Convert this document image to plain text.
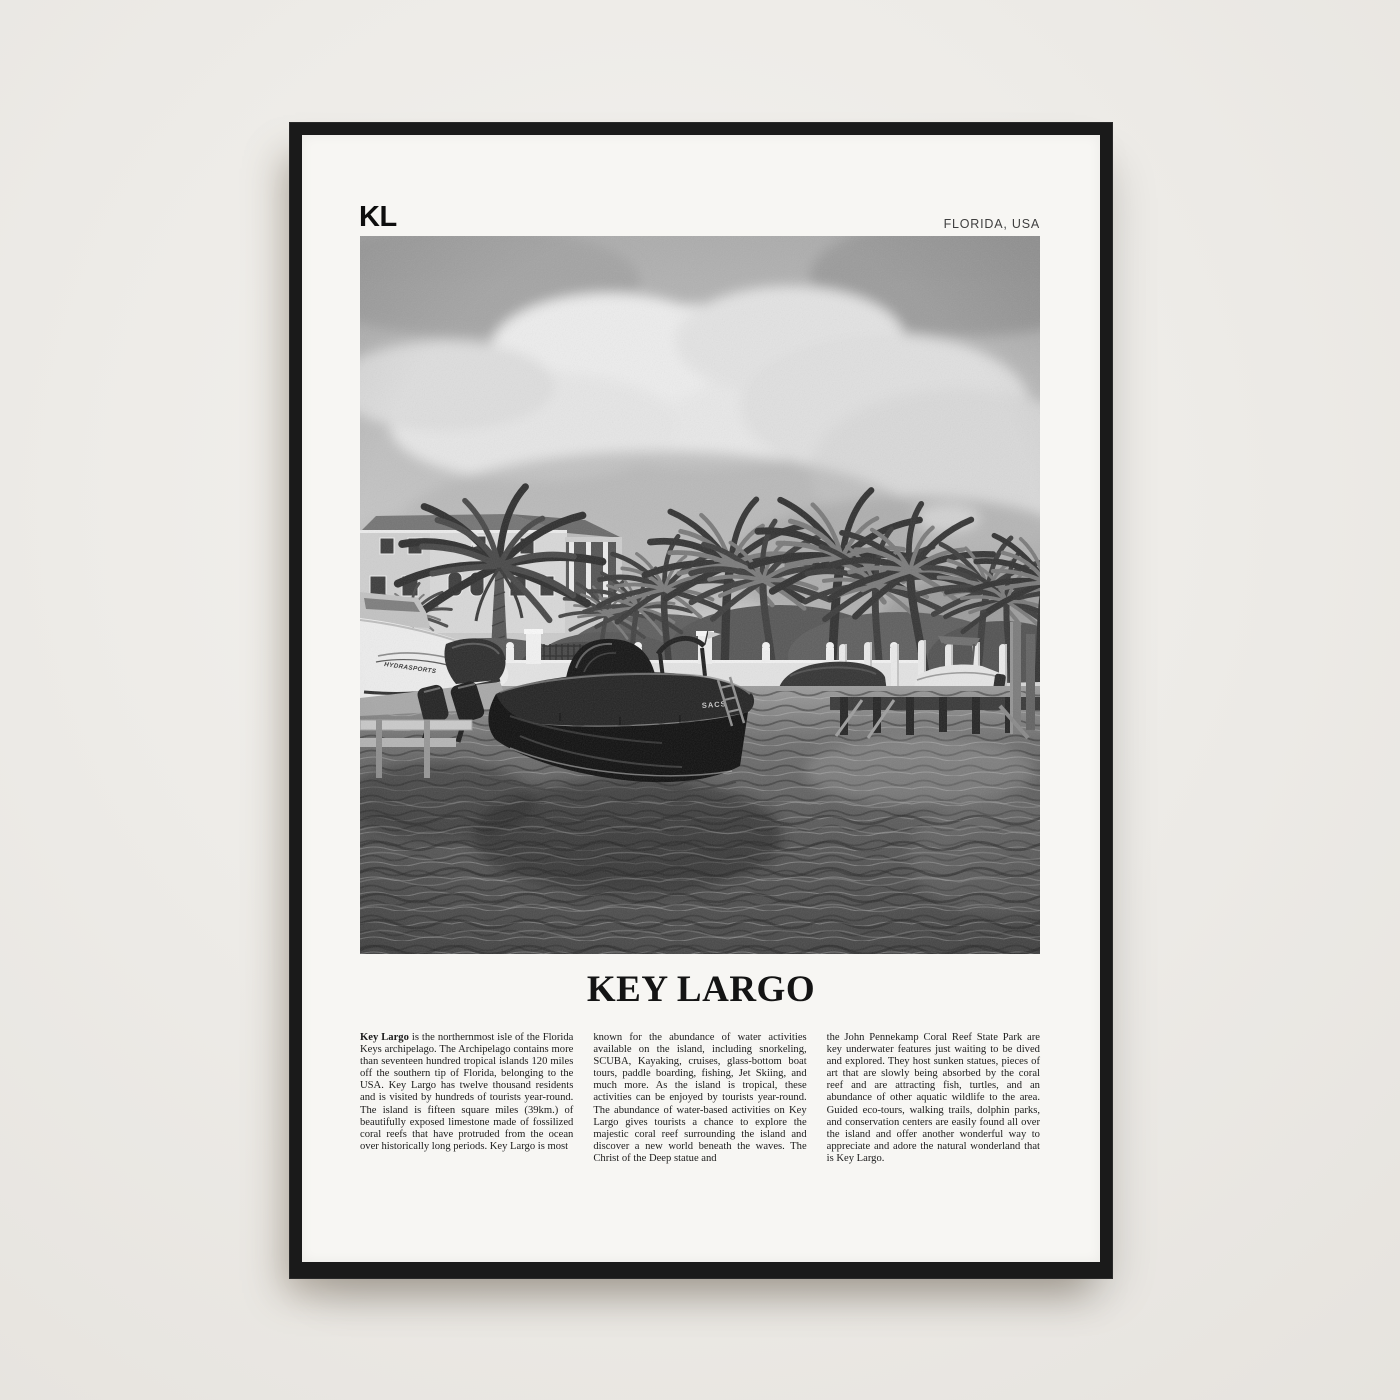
KL	FLORIDA, USA
KEY LARGO

Key Largo is the northernmost isle of the Florida Keys archipelago. The Archipelago contains more than seventeen hundred tropical islands 120 miles off the southern tip of Florida, belonging to the USA. Key Largo has twelve thousand residents and is visited by hundreds of tourists year-round. The island is fifteen square miles (39km.) of beautifully exposed limestone made of fossilized coral reefs that have protruded from the ocean over historically long periods. Key Largo is most

known for the abundance of water activities available on the island, including snorkeling, SCUBA, Kayaking, cruises, glass-bottom boat tours, paddle boarding, fishing, Jet Skiing, and much more. As the island is tropical, these activities can be enjoyed by tourists year-round. The abundance of water-based activities on Key Largo gives tourists a chance to explore the majestic coral reef surrounding the island and discover a new world beneath the waves. The Christ of the Deep statue and

the John Pennekamp Coral Reef State Park are key underwater features just waiting to be dived and explored. They host sunken statues, pieces of art that are slowly being absorbed by the coral reef and are attracting fish, turtles, and an abundance of other aquatic wildlife to the area. Guided eco-tours, walking trails, dolphin parks, and conservation centers are easily found all over the island and offer another wonderful way to appreciate and adore the natural wonderland that is Key Largo.
